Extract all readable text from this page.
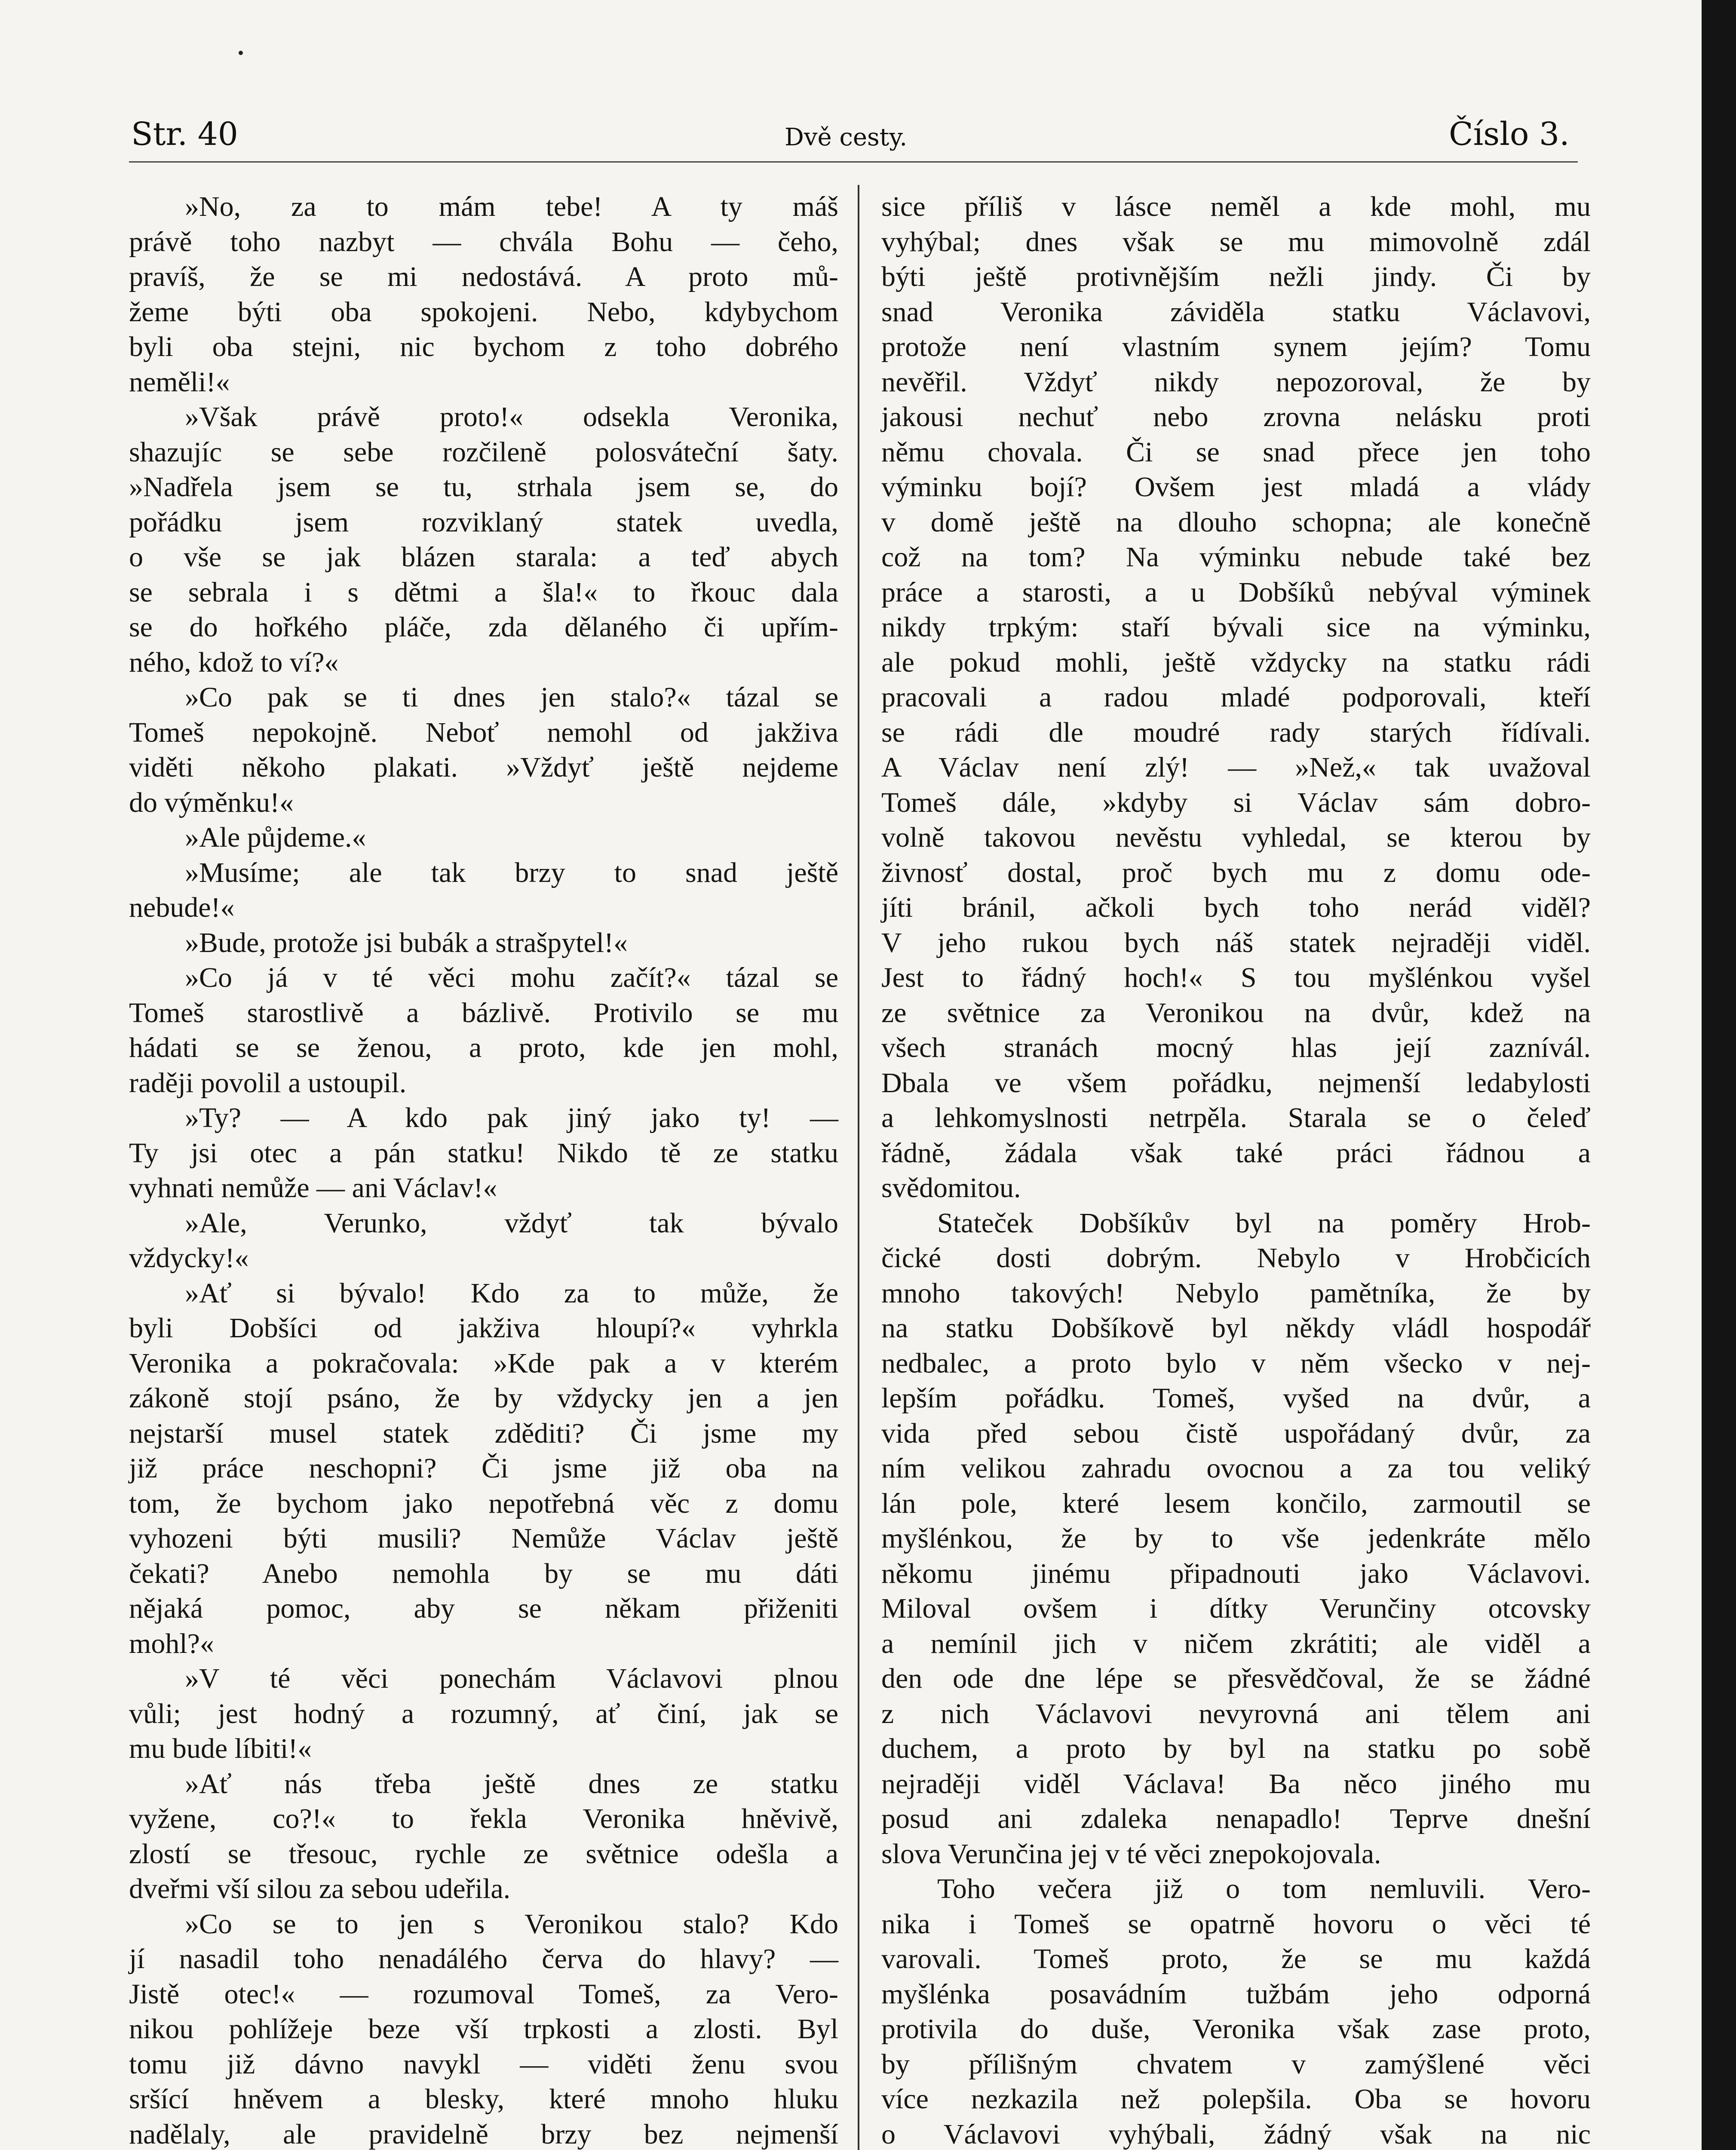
Str. 40	Dvě cesty.	Číslo 3.
»No, za to mám tebe! A ty máš
právě toho nazbyt — chvála Bohu — čeho,
pravíš, že se mi nedostává. A proto mů-
žeme býti oba spokojeni. Nebo, kdybychom
byli oba stejni, nic bychom z toho dobrého
neměli!«
»Však právě proto!« odsekla Veronika,
shazujíc se sebe rozčileně polosváteční šaty.
»Nadřela jsem se tu, strhala jsem se, do
pořádku jsem rozviklaný statek uvedla,
o vše se jak blázen starala: a teď abych
se sebrala i s dětmi a šla!« to řkouc dala
se do hořkého pláče, zda dělaného či upřím-
ného, kdož to ví?«
»Co pak se ti dnes jen stalo?« tázal se
Tomeš nepokojně. Neboť nemohl od jakživa
viděti někoho plakati. »Vždyť ještě nejdeme
do výměnku!«
»Ale půjdeme.«
»Musíme; ale tak brzy to snad ještě
nebude!«
»Bude, protože jsi bubák a strašpytel!«
»Co já v té věci mohu začít?« tázal se
Tomeš starostlivě a bázlivě. Protivilo se mu
hádati se se ženou, a proto, kde jen mohl,
raději povolil a ustoupil.
»Ty? — A kdo pak jiný jako ty! —
Ty jsi otec a pán statku! Nikdo tě ze statku
vyhnati nemůže — ani Václav!«
»Ale, Verunko, vždyť tak bývalo
vždycky!«
»Ať si bývalo! Kdo za to může, že
byli Dobšíci od jakživa hloupí?« vyhrkla
Veronika a pokračovala: »Kde pak a v kterém
zákoně stojí psáno, že by vždycky jen a jen
nejstarší musel statek zděditi? Či jsme my
již práce neschopni? Či jsme již oba na
tom, že bychom jako nepotřebná věc z domu
vyhozeni býti musili? Nemůže Václav ještě
čekati? Anebo nemohla by se mu dáti
nějaká pomoc, aby se někam přiženiti
mohl?«
»V té věci ponechám Václavovi plnou
vůli; jest hodný a rozumný, ať činí, jak se
mu bude líbiti!«
»Ať nás třeba ještě dnes ze statku
vyžene, co?!« to řekla Veronika hněvivě,
zlostí se třesouc, rychle ze světnice odešla a
dveřmi vší silou za sebou udeřila.
»Co se to jen s Veronikou stalo? Kdo
jí nasadil toho nenadálého červa do hlavy? —
Jistě otec!« — rozumoval Tomeš, za Vero-
nikou pohlížeje beze vší trpkosti a zlosti. Byl
tomu již dávno navykl — viděti ženu svou
sršící hněvem a blesky, které mnoho hluku
nadělaly, ale pravidelně brzy bez nejmenší
sice příliš v lásce neměl a kde mohl, mu
vyhýbal; dnes však se mu mimovolně zdál
býti ještě protivnějším nežli jindy. Či by
snad Veronika záviděla statku Václavovi,
protože není vlastním synem jejím? Tomu
nevěřil. Vždyť nikdy nepozoroval, že by
jakousi nechuť nebo zrovna nelásku proti
němu chovala. Či se snad přece jen toho
výminku bojí? Ovšem jest mladá a vlády
v domě ještě na dlouho schopna; ale konečně
což na tom? Na výminku nebude také bez
práce a starosti, a u Dobšíků nebýval výminek
nikdy trpkým: staří bývali sice na výminku,
ale pokud mohli, ještě vždycky na statku rádi
pracovali a radou mladé podporovali, kteří
se rádi dle moudré rady starých řídívali.
A Václav není zlý! — »Než,« tak uvažoval
Tomeš dále, »kdyby si Václav sám dobro-
volně takovou nevěstu vyhledal, se kterou by
živnosť dostal, proč bych mu z domu ode-
jíti bránil, ačkoli bych toho nerád viděl?
V jeho rukou bych náš statek nejraději viděl.
Jest to řádný hoch!« S tou myšlénkou vyšel
ze světnice za Veronikou na dvůr, kdež na
všech stranách mocný hlas její zaznívál.
Dbala ve všem pořádku, nejmenší ledabylosti
a lehkomyslnosti netrpěla. Starala se o čeleď
řádně, žádala však také práci řádnou a
svědomitou.
Stateček Dobšíkův byl na poměry Hrob-
čické dosti dobrým. Nebylo v Hrobčicích
mnoho takových! Nebylo pamětníka, že by
na statku Dobšíkově byl někdy vládl hospodář
nedbalec, a proto bylo v něm všecko v nej-
lepším pořádku. Tomeš, vyšed na dvůr, a
vida před sebou čistě uspořádaný dvůr, za
ním velikou zahradu ovocnou a za tou veliký
lán pole, které lesem končilo, zarmoutil se
myšlénkou, že by to vše jedenkráte mělo
někomu jinému připadnouti jako Václavovi.
Miloval ovšem i dítky Verunčiny otcovsky
a nemínil jich v ničem zkrátiti; ale viděl a
den ode dne lépe se přesvědčoval, že se žádné
z nich Václavovi nevyrovná ani tělem ani
duchem, a proto by byl na statku po sobě
nejraději viděl Václava! Ba něco jiného mu
posud ani zdaleka nenapadlo! Teprve dnešní
slova Verunčina jej v té věci znepokojovala.
Toho večera již o tom nemluvili. Vero-
nika i Tomeš se opatrně hovoru o věci té
varovali. Tomeš proto, že se mu každá
myšlénka posavádním tužbám jeho odporná
protivila do duše, Veronika však zase proto,
by přílišným chvatem v zamýšlené věci
více nezkazila než polepšila. Oba se hovoru
o Václavovi vyhýbali, žádný však na nic
